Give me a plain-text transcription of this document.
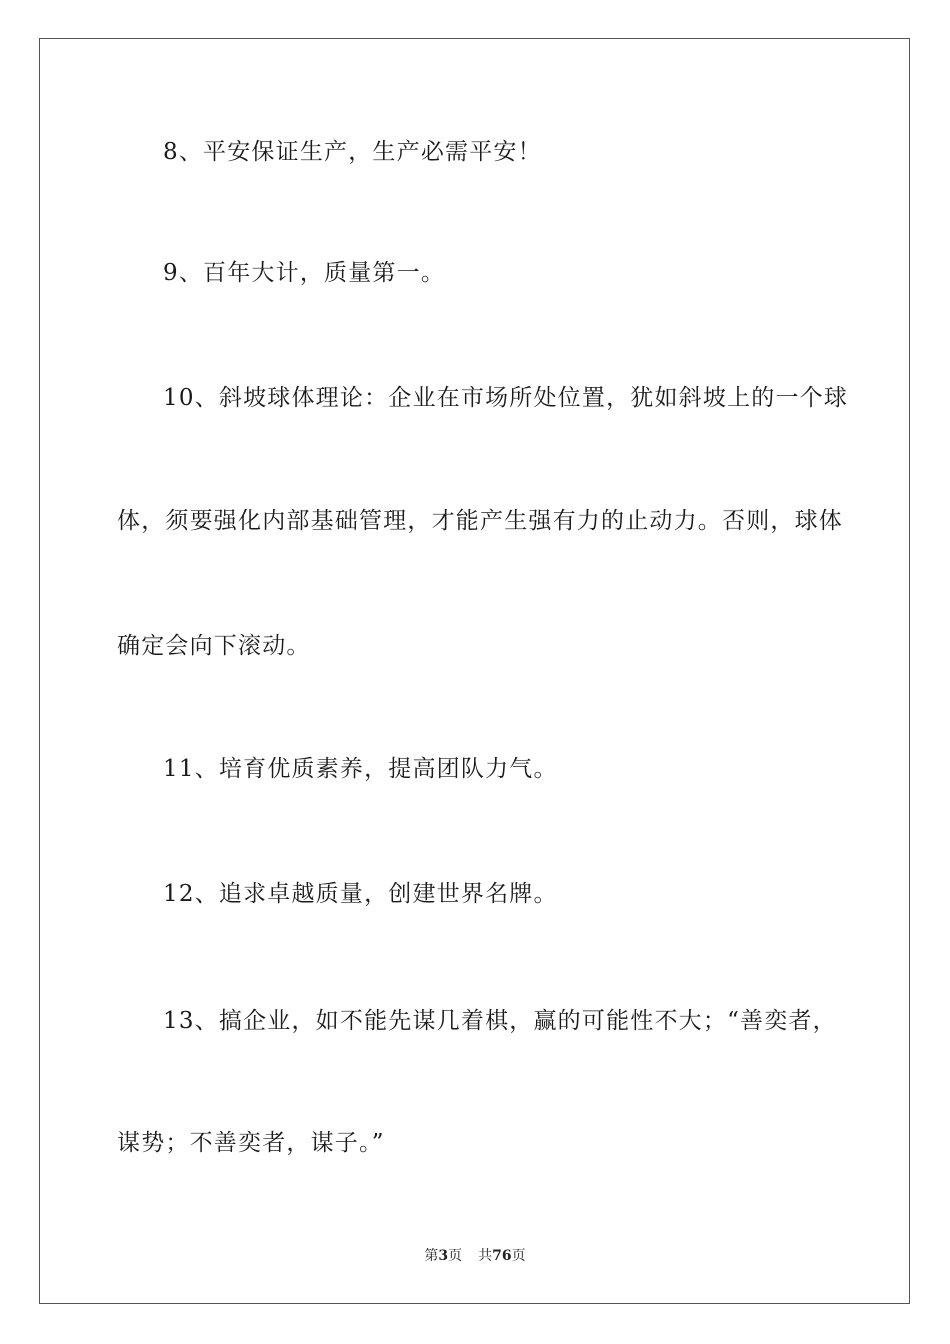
8、平安保证生产，生产必需平安！
9、百年大计，质量第一。
10、斜坡球体理论：企业在市场所处位置，犹如斜坡上的一个球
体，须要强化内部基础管理，才能产生强有力的止动力。否则，球体
确定会向下滚动。
11、培育优质素养，提高团队力气。
12、追求卓越质量，创建世界名牌。
13、搞企业，如不能先谋几着棋，赢的可能性不大；“善奕者，
谋势；不善奕者，谋子。”
第3页 共76页
